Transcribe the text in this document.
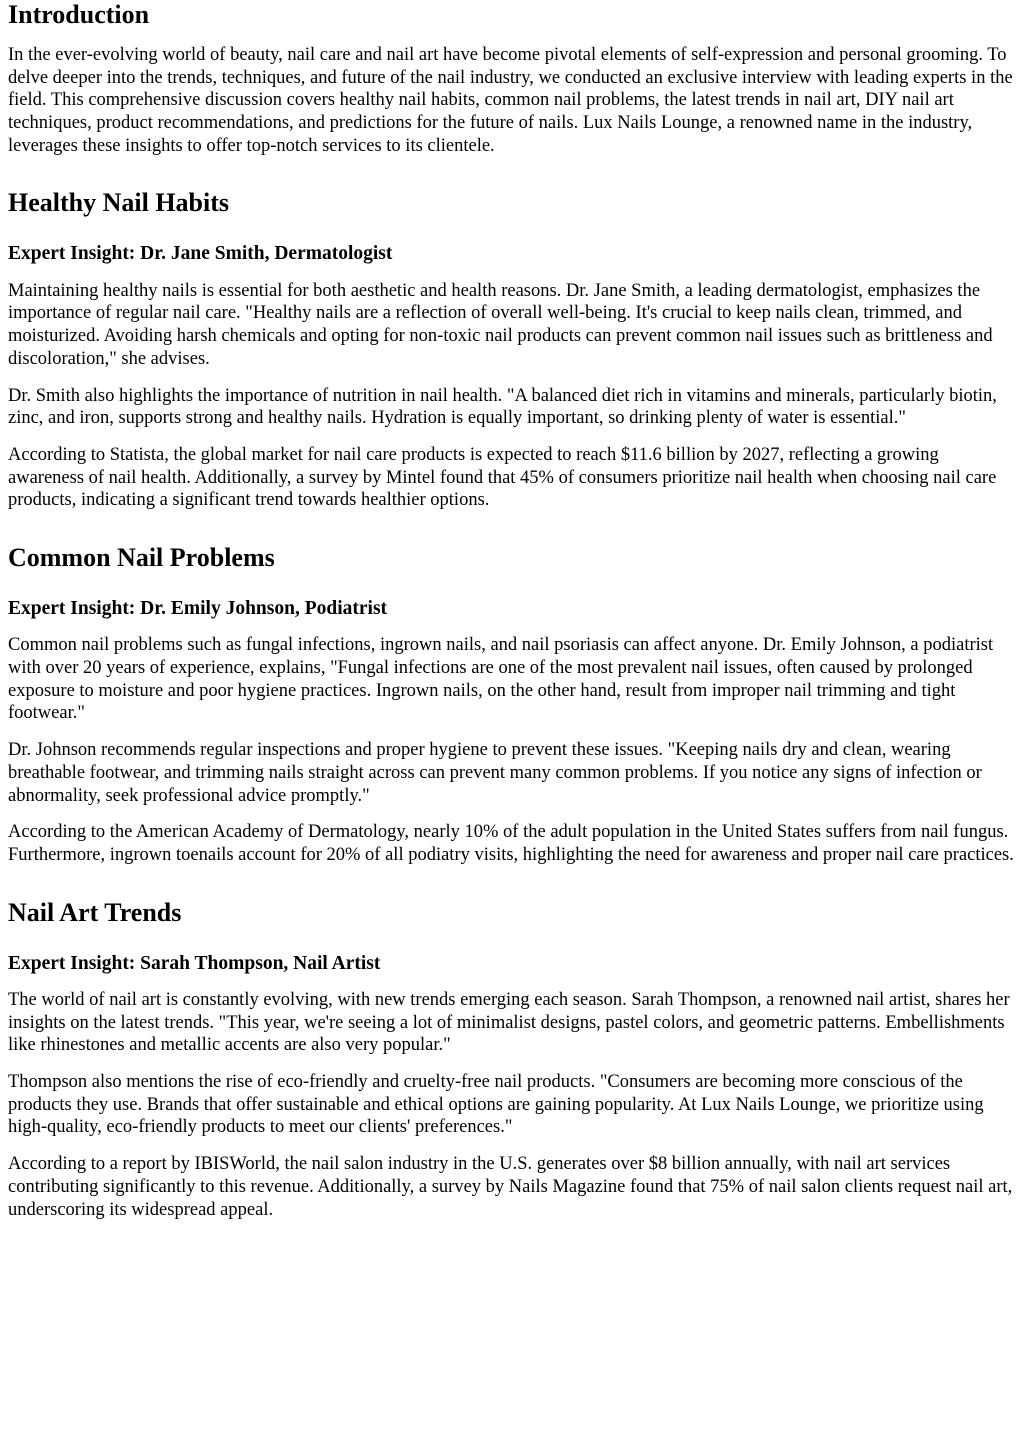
Introduction

In the ever-evolving world of beauty, nail care and nail art have become pivotal elements of self-expression and personal grooming. To delve deeper into the trends, techniques, and future of the nail industry, we conducted an exclusive interview with leading experts in the field. This comprehensive discussion covers healthy nail habits, common nail problems, the latest trends in nail art, DIY nail art techniques, product recommendations, and predictions for the future of nails. Lux Nails Lounge, a renowned name in the industry, leverages these insights to offer top-notch services to its clientele.

Healthy Nail Habits
Expert Insight: Dr. Jane Smith, Dermatologist

Maintaining healthy nails is essential for both aesthetic and health reasons. Dr. Jane Smith, a leading dermatologist, emphasizes the importance of regular nail care. "Healthy nails are a reflection of overall well-being. It's crucial to keep nails clean, trimmed, and moisturized. Avoiding harsh chemicals and opting for non-toxic nail products can prevent common nail issues such as brittleness and discoloration," she advises.

Dr. Smith also highlights the importance of nutrition in nail health. "A balanced diet rich in vitamins and minerals, particularly biotin, zinc, and iron, supports strong and healthy nails. Hydration is equally important, so drinking plenty of water is essential."

According to Statista, the global market for nail care products is expected to reach $11.6 billion by 2027, reflecting a growing awareness of nail health. Additionally, a survey by Mintel found that 45% of consumers prioritize nail health when choosing nail care products, indicating a significant trend towards healthier options.

Common Nail Problems
Expert Insight: Dr. Emily Johnson, Podiatrist

Common nail problems such as fungal infections, ingrown nails, and nail psoriasis can affect anyone. Dr. Emily Johnson, a podiatrist with over 20 years of experience, explains, "Fungal infections are one of the most prevalent nail issues, often caused by prolonged exposure to moisture and poor hygiene practices. Ingrown nails, on the other hand, result from improper nail trimming and tight footwear."

Dr. Johnson recommends regular inspections and proper hygiene to prevent these issues. "Keeping nails dry and clean, wearing breathable footwear, and trimming nails straight across can prevent many common problems. If you notice any signs of infection or abnormality, seek professional advice promptly."

According to the American Academy of Dermatology, nearly 10% of the adult population in the United States suffers from nail fungus. Furthermore, ingrown toenails account for 20% of all podiatry visits, highlighting the need for awareness and proper nail care practices.

Nail Art Trends
Expert Insight: Sarah Thompson, Nail Artist

The world of nail art is constantly evolving, with new trends emerging each season. Sarah Thompson, a renowned nail artist, shares her insights on the latest trends. "This year, we're seeing a lot of minimalist designs, pastel colors, and geometric patterns. Embellishments like rhinestones and metallic accents are also very popular."

Thompson also mentions the rise of eco-friendly and cruelty-free nail products. "Consumers are becoming more conscious of the products they use. Brands that offer sustainable and ethical options are gaining popularity. At Lux Nails Lounge, we prioritize using high-quality, eco-friendly products to meet our clients' preferences."

According to a report by IBISWorld, the nail salon industry in the U.S. generates over $8 billion annually, with nail art services contributing significantly to this revenue. Additionally, a survey by Nails Magazine found that 75% of nail salon clients request nail art, underscoring its widespread appeal.
